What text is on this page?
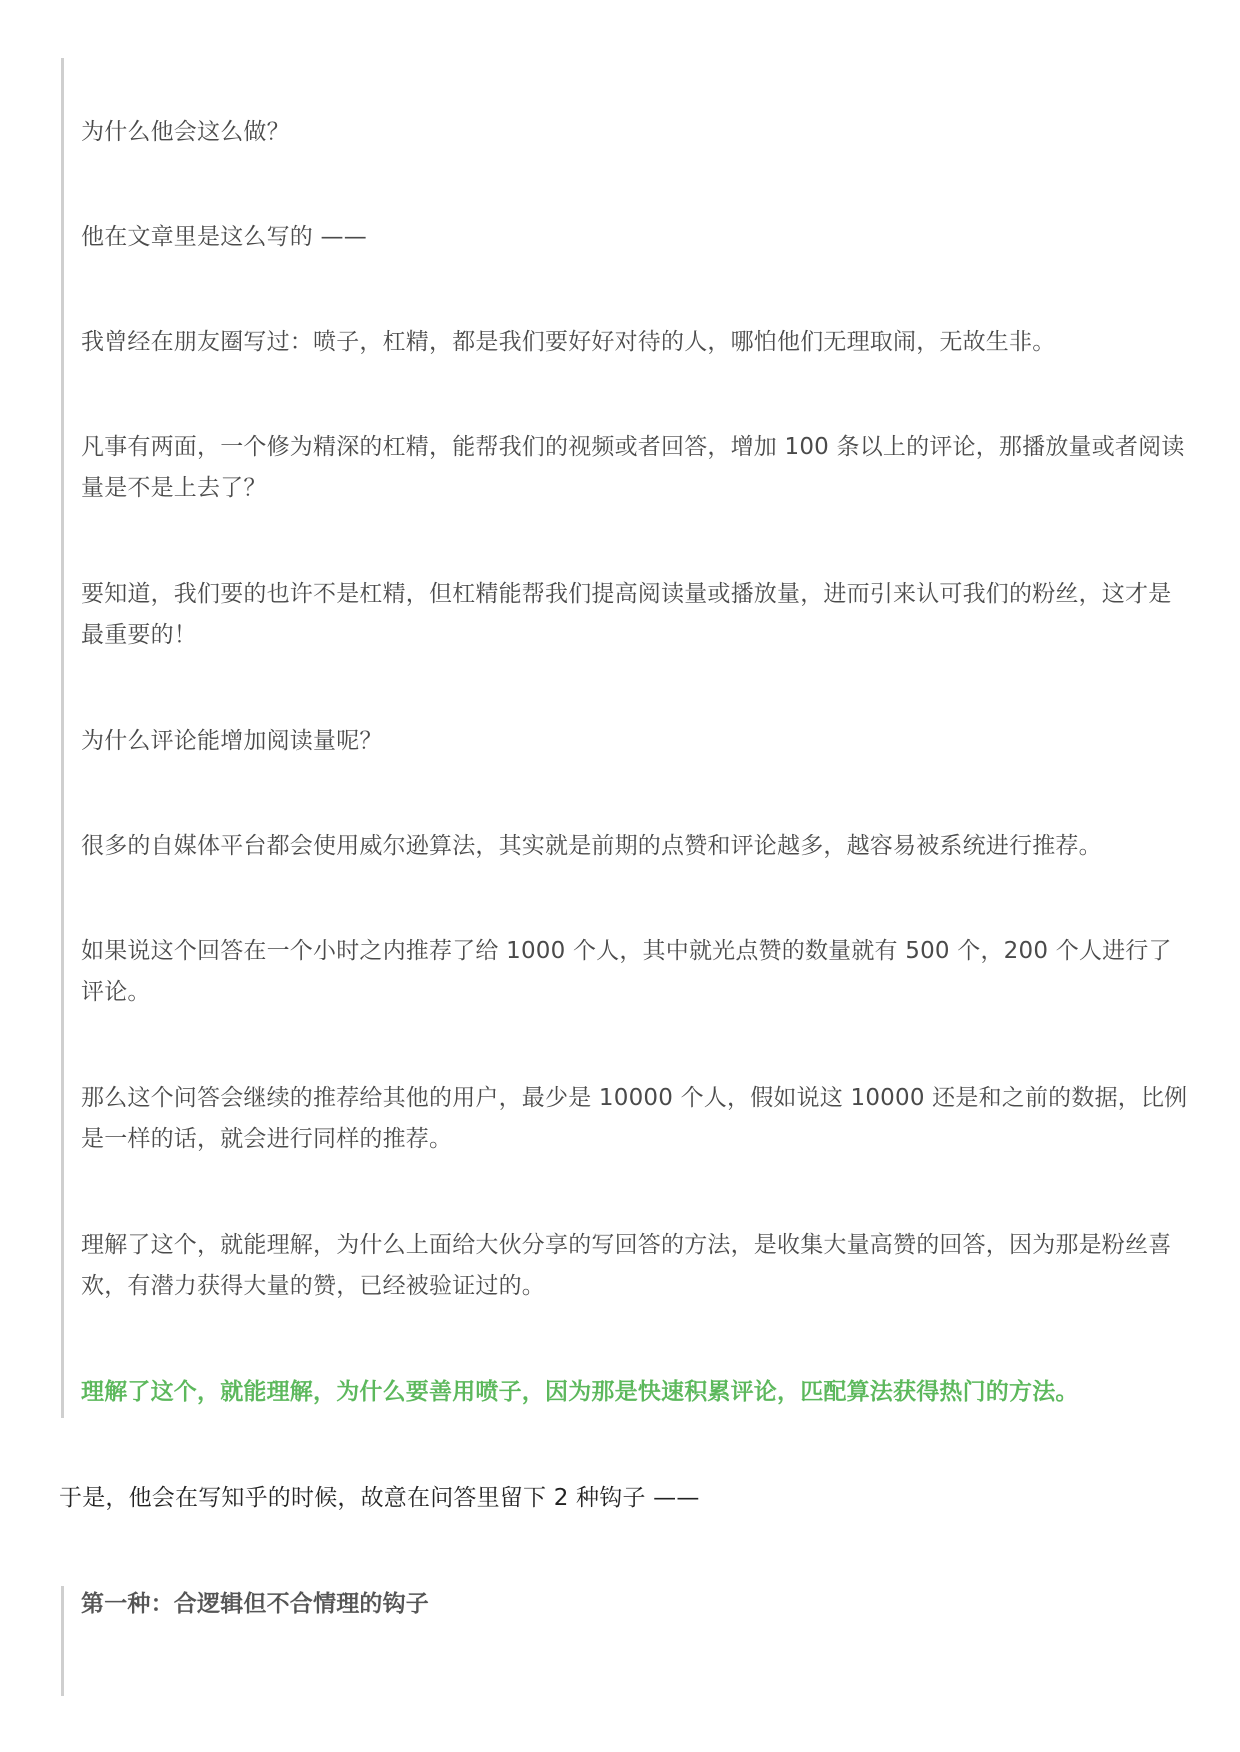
为什么他会这么做？

他在文章里是这么写的 ——

我曾经在朋友圈写过：喷子，杠精，都是我们要好好对待的人，哪怕他们无理取闹，无故生非。

凡事有两面，一个修为精深的杠精，能帮我们的视频或者回答，增加 100 条以上的评论，那播放量或者阅读量是不是上去了？

要知道，我们要的也许不是杠精，但杠精能帮我们提高阅读量或播放量，进而引来认可我们的粉丝，这才是最重要的！

为什么评论能增加阅读量呢？

很多的自媒体平台都会使用威尔逊算法，其实就是前期的点赞和评论越多，越容易被系统进行推荐。

如果说这个回答在一个小时之内推荐了给 1000 个人，其中就光点赞的数量就有 500 个，200 个人进行了评论。

那么这个问答会继续的推荐给其他的用户，最少是 10000 个人，假如说这 10000 还是和之前的数据，比例是一样的话，就会进行同样的推荐。

理解了这个，就能理解，为什么上面给大伙分享的写回答的方法，是收集大量高赞的回答，因为那是粉丝喜欢，有潜力获得大量的赞，已经被验证过的。

理解了这个，就能理解，为什么要善用喷子，因为那是快速积累评论，匹配算法获得热门的方法。

于是，他会在写知乎的时候，故意在问答里留下 2 种钩子 ——

第一种：合逻辑但不合情理的钩子
